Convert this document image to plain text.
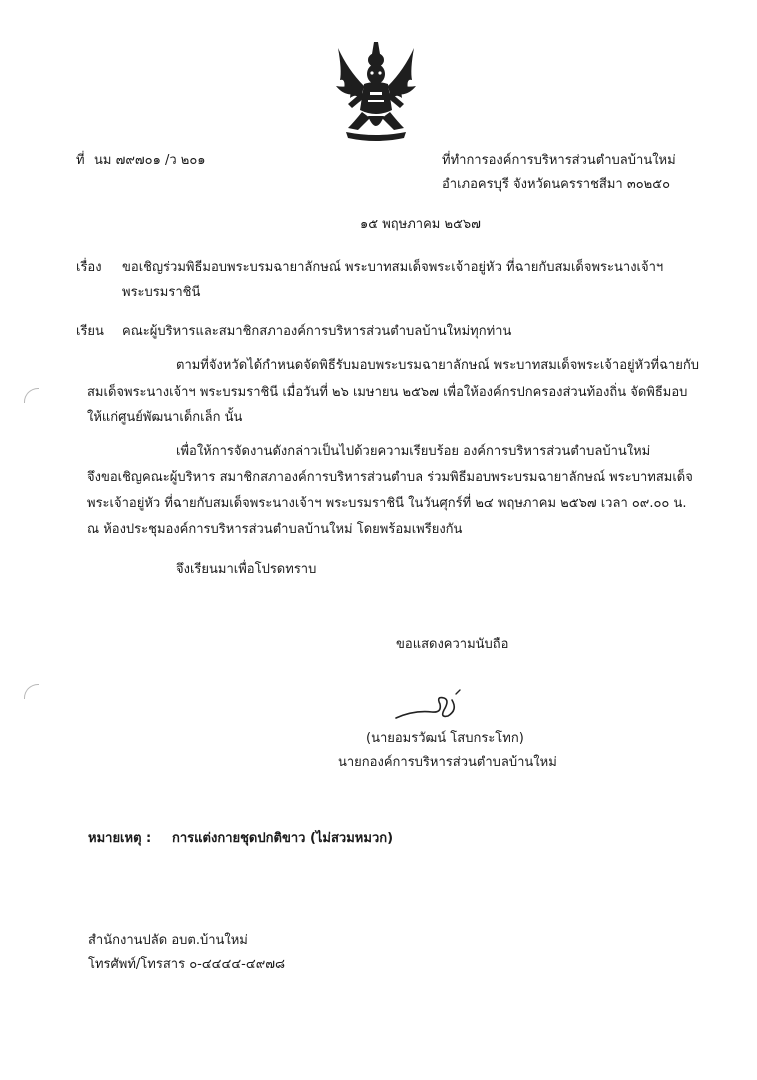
ที่ นม ๗๙๗๐๑ /ว ๒๐๑	ที่ทำการองค์การบริหารส่วนตำบลบ้านใหม่
อำเภอครบุรี จังหวัดนครราชสีมา ๓๐๒๕๐
๑๕ พฤษภาคม ๒๕๖๗
เรื่อง ขอเชิญร่วมพิธีมอบพระบรมฉายาลักษณ์ พระบาทสมเด็จพระเจ้าอยู่หัว ที่ฉายกับสมเด็จพระนางเจ้าฯ
พระบรมราชินี
เรียน คณะผู้บริหารและสมาชิกสภาองค์การบริหารส่วนตำบลบ้านใหม่ทุกท่าน
ตามที่จังหวัดได้กำหนดจัดพิธีรับมอบพระบรมฉายาลักษณ์ พระบาทสมเด็จพระเจ้าอยู่หัวที่ฉายกับ
สมเด็จพระนางเจ้าฯ พระบรมราชินี เมื่อวันที่ ๒๖ เมษายน ๒๕๖๗ เพื่อให้องค์กรปกครองส่วนท้องถิ่น จัดพิธีมอบ
ให้แก่ศูนย์พัฒนาเด็กเล็ก นั้น
เพื่อให้การจัดงานดังกล่าวเป็นไปด้วยความเรียบร้อย องค์การบริหารส่วนตำบลบ้านใหม่
จึงขอเชิญคณะผู้บริหาร สมาชิกสภาองค์การบริหารส่วนตำบล ร่วมพิธีมอบพระบรมฉายาลักษณ์ พระบาทสมเด็จ
พระเจ้าอยู่หัว ที่ฉายกับสมเด็จพระนางเจ้าฯ พระบรมราชินี ในวันศุกร์ที่ ๒๔ พฤษภาคม ๒๕๖๗ เวลา ๐๙.๐๐ น.
ณ ห้องประชุมองค์การบริหารส่วนตำบลบ้านใหม่ โดยพร้อมเพรียงกัน
จึงเรียนมาเพื่อโปรดทราบ
ขอแสดงความนับถือ
(นายอมรวัฒน์ โสบกระโทก)
นายกองค์การบริหารส่วนตำบลบ้านใหม่
หมายเหตุ : การแต่งกายชุดปกติขาว (ไม่สวมหมวก)
สำนักงานปลัด อบต.บ้านใหม่
โทรศัพท์/โทรสาร ๐-๔๔๔๔-๔๙๗๘
